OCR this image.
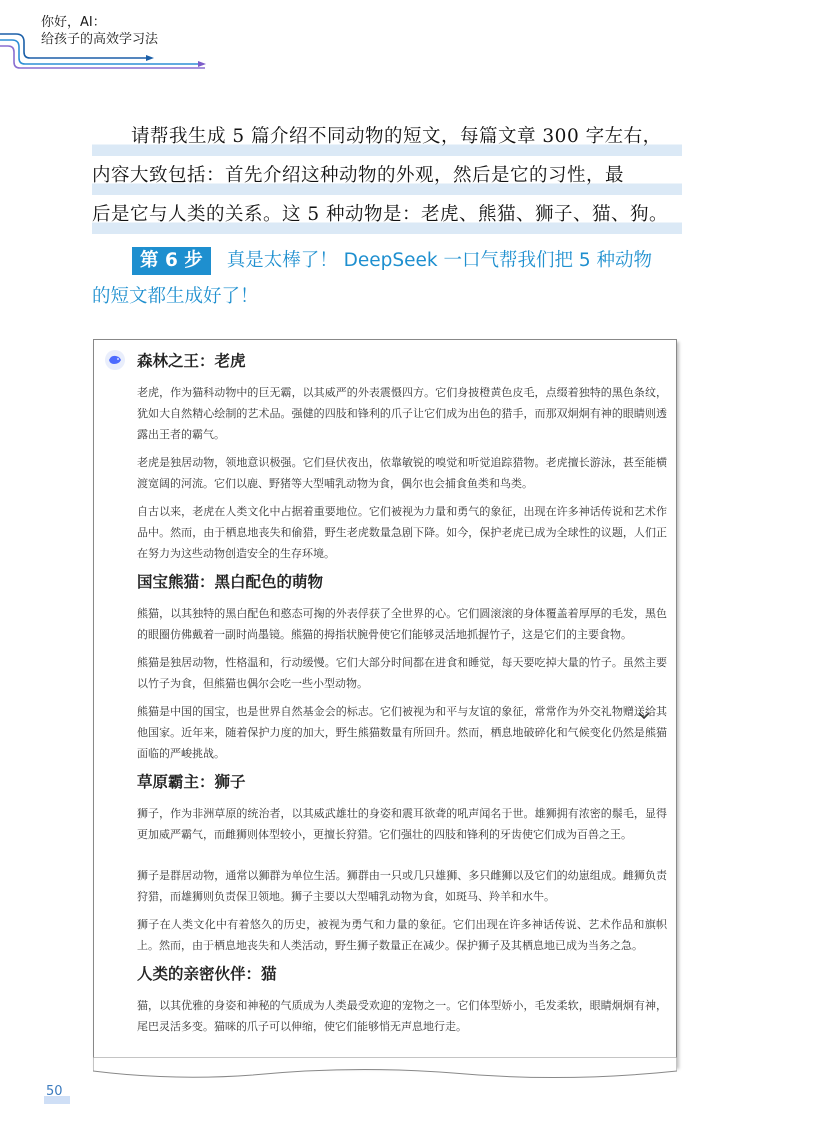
你好，AI：
给孩子的高效学习法
请帮我生成 5 篇介绍不同动物的短文，每篇文章 300 字左右，
内容大致包括：首先介绍这种动物的外观，然后是它的习性，最
后是它与人类的关系。这 5 种动物是：老虎、熊猫、狮子、猫、狗。
第 6 步 真是太棒了！ DeepSeek 一口气帮我们把 5 种动物
的短文都生成好了！
森林之王：老虎

老虎，作为猫科动物中的巨无霸，以其威严的外表震慑四方。它们身披橙黄色皮毛，点缀着独特的黑色条纹，犹如大自然精心绘制的艺术品。强健的四肢和锋利的爪子让它们成为出色的猎手，而那双炯炯有神的眼睛则透露出王者的霸气。

老虎是独居动物，领地意识极强。它们昼伏夜出，依靠敏锐的嗅觉和听觉追踪猎物。老虎擅长游泳，甚至能横渡宽阔的河流。它们以鹿、野猪等大型哺乳动物为食，偶尔也会捕食鱼类和鸟类。

自古以来，老虎在人类文化中占据着重要地位。它们被视为力量和勇气的象征，出现在许多神话传说和艺术作品中。然而，由于栖息地丧失和偷猎，野生老虎数量急剧下降。如今，保护老虎已成为全球性的议题，人们正在努力为这些动物创造安全的生存环境。

国宝熊猫：黑白配色的萌物

熊猫，以其独特的黑白配色和憨态可掬的外表俘获了全世界的心。它们圆滚滚的身体覆盖着厚厚的毛发，黑色的眼圈仿佛戴着一副时尚墨镜。熊猫的拇指状腕骨使它们能够灵活地抓握竹子，这是它们的主要食物。

熊猫是独居动物，性格温和，行动缓慢。它们大部分时间都在进食和睡觉，每天要吃掉大量的竹子。虽然主要以竹子为食，但熊猫也偶尔会吃一些小型动物。

熊猫是中国的国宝，也是世界自然基金会的标志。它们被视为和平与友谊的象征，常常作为外交礼物赠送给其他国家。近年来，随着保护力度的加大，野生熊猫数量有所回升。然而，栖息地破碎化和气候变化仍然是熊猫面临的严峻挑战。

草原霸主：狮子

狮子，作为非洲草原的统治者，以其威武雄壮的身姿和震耳欲聋的吼声闻名于世。雄狮拥有浓密的鬃毛，显得更加威严霸气，而雌狮则体型较小，更擅长狩猎。它们强壮的四肢和锋利的牙齿使它们成为百兽之王。

狮子是群居动物，通常以狮群为单位生活。狮群由一只或几只雄狮、多只雌狮以及它们的幼崽组成。雌狮负责狩猎，而雄狮则负责保卫领地。狮子主要以大型哺乳动物为食，如斑马、羚羊和水牛。

狮子在人类文化中有着悠久的历史，被视为勇气和力量的象征。它们出现在许多神话传说、艺术作品和旗帜上。然而，由于栖息地丧失和人类活动，野生狮子数量正在减少。保护狮子及其栖息地已成为当务之急。

人类的亲密伙伴：猫

猫，以其优雅的身姿和神秘的气质成为人类最受欢迎的宠物之一。它们体型娇小，毛发柔软，眼睛炯炯有神，尾巴灵活多变。猫咪的爪子可以伸缩，使它们能够悄无声息地行走。

50
